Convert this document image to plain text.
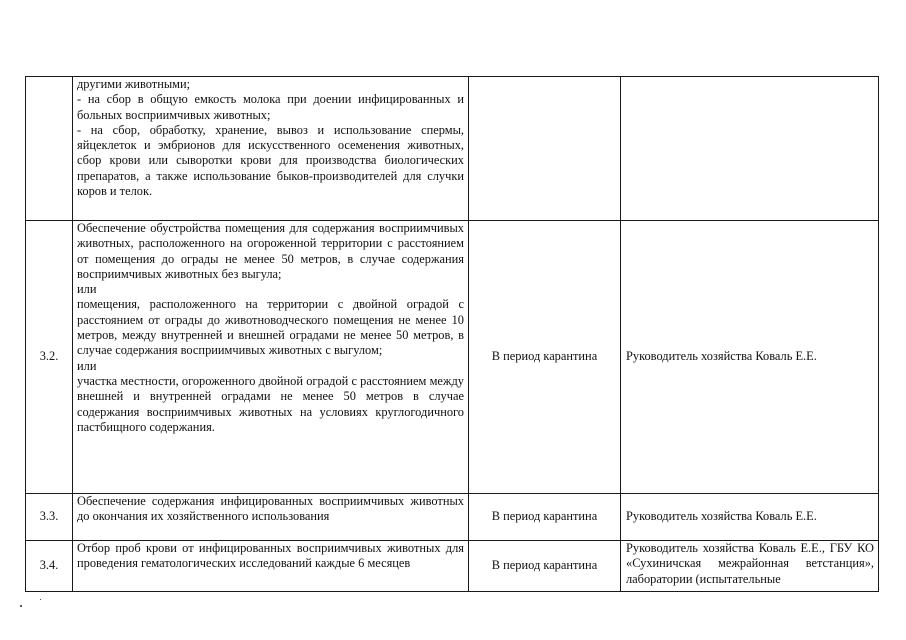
	другими животными;
- на сбор в общую емкость молока при доении инфицированных и больных восприимчивых животных;
- на сбор, обработку, хранение, вывоз и использование спермы, яйцеклеток и эмбрионов для искусственного осеменения животных, сбор крови или сыворотки крови для производства биологических препаратов, а также использование быков-производителей для случки коров и телок.		

3.2.	Обеспечение обустройства помещения для содержания восприимчивых животных, расположенного на огороженной территории с расстоянием от помещения до ограды не менее 50 метров, в случае содержания восприимчивых животных без выгула;
или
помещения, расположенного на территории с двойной оградой с расстоянием от ограды до животноводческого помещения не менее 10 метров, между внутренней и внешней оградами не менее 50 метров, в случае содержания восприимчивых животных с выгулом;
или
участка местности, огороженного двойной оградой с расстоянием между внешней и внутренней оградами не менее 50 метров в случае содержания восприимчивых животных на условиях круглогодичного пастбищного содержания.	В период карантина	Руководитель хозяйства Коваль Е.Е.
3.3.	Обеспечение содержания инфицированных восприимчивых животных до окончания их хозяйственного использования	В период карантина	Руководитель хозяйства Коваль Е.Е.
3.4.	Отбор проб крови от инфицированных восприимчивых животных для проведения гематологических исследований каждые 6 месяцев	В период карантина	Руководитель хозяйства Коваль Е.Е., ГБУ КО «Сухиничская межрайонная ветстанция», лаборатории (испытательные
